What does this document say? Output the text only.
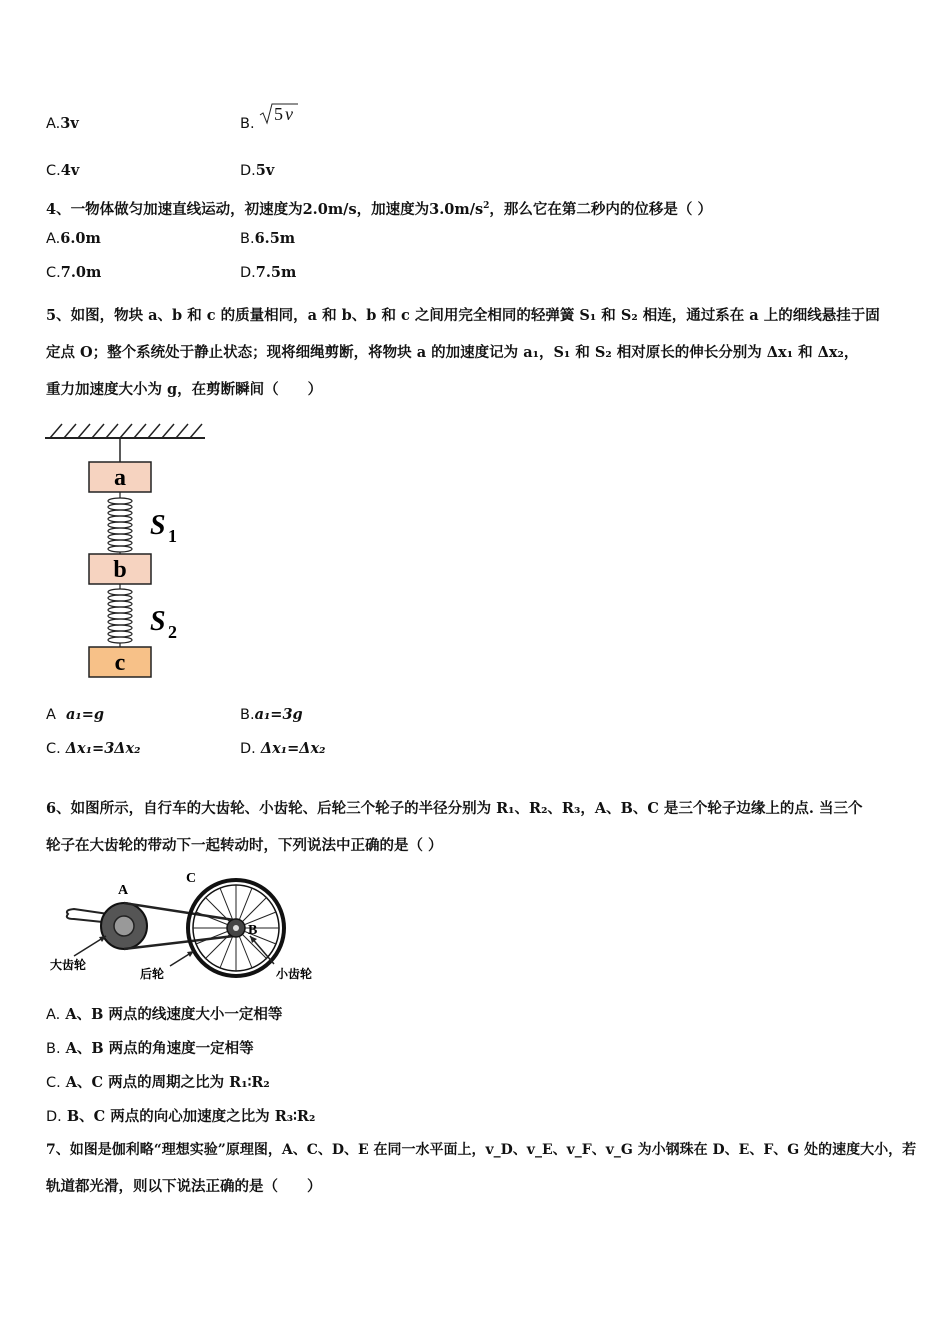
A.3v	B. 5 v
C.4v	D.5v
4、一物体做匀加速直线运动，初速度为2.0m/s，加速度为$3.0m/s^2$，那么它在第二秒内的位移是（ ）
A.6.0m	B.6.5m
C.7.0m	D.7.5m
5、如图，物块 a、b 和 c 的质量相同，a 和 b、b 和 c 之间用完全相同的轻弹簧 S₁ 和 S₂ 相连，通过系在 a 上的细线悬挂于固
定点 O；整个系统处于静止状态；现将细绳剪断，将物块 a 的加速度记为 a₁，S₁ 和 S₂ 相对原长的伸长分别为 Δx₁ 和 Δx₂，
重力加速度大小为 g，在剪断瞬间（　　）
a
S 1
b
S 2
c
A a₁=g	B.a₁=3g
C. Δx₁=3Δx₂	D. Δx₁=Δx₂
6、如图所示，自行车的大齿轮、小齿轮、后轮三个轮子的半径分别为 R₁、R₂、R₃，A、B、C 是三个轮子边缘上的点. 当三个
轮子在大齿轮的带动下一起转动时，下列说法中正确的是（ ）
A
C
B
大齿轮
后轮	小齿轮
A. A、B 两点的线速度大小一定相等
B. A、B 两点的角速度一定相等
C. A、C 两点的周期之比为 R₁∶R₂
D. B、C 两点的向心加速度之比为 R₃∶R₂
7、如图是伽利略“理想实验”原理图，A、C、D、E 在同一水平面上，v_D、v_E、v_F、v_G 为小钢珠在 D、E、F、G 处的速度大小，若
轨道都光滑，则以下说法正确的是（　　）
